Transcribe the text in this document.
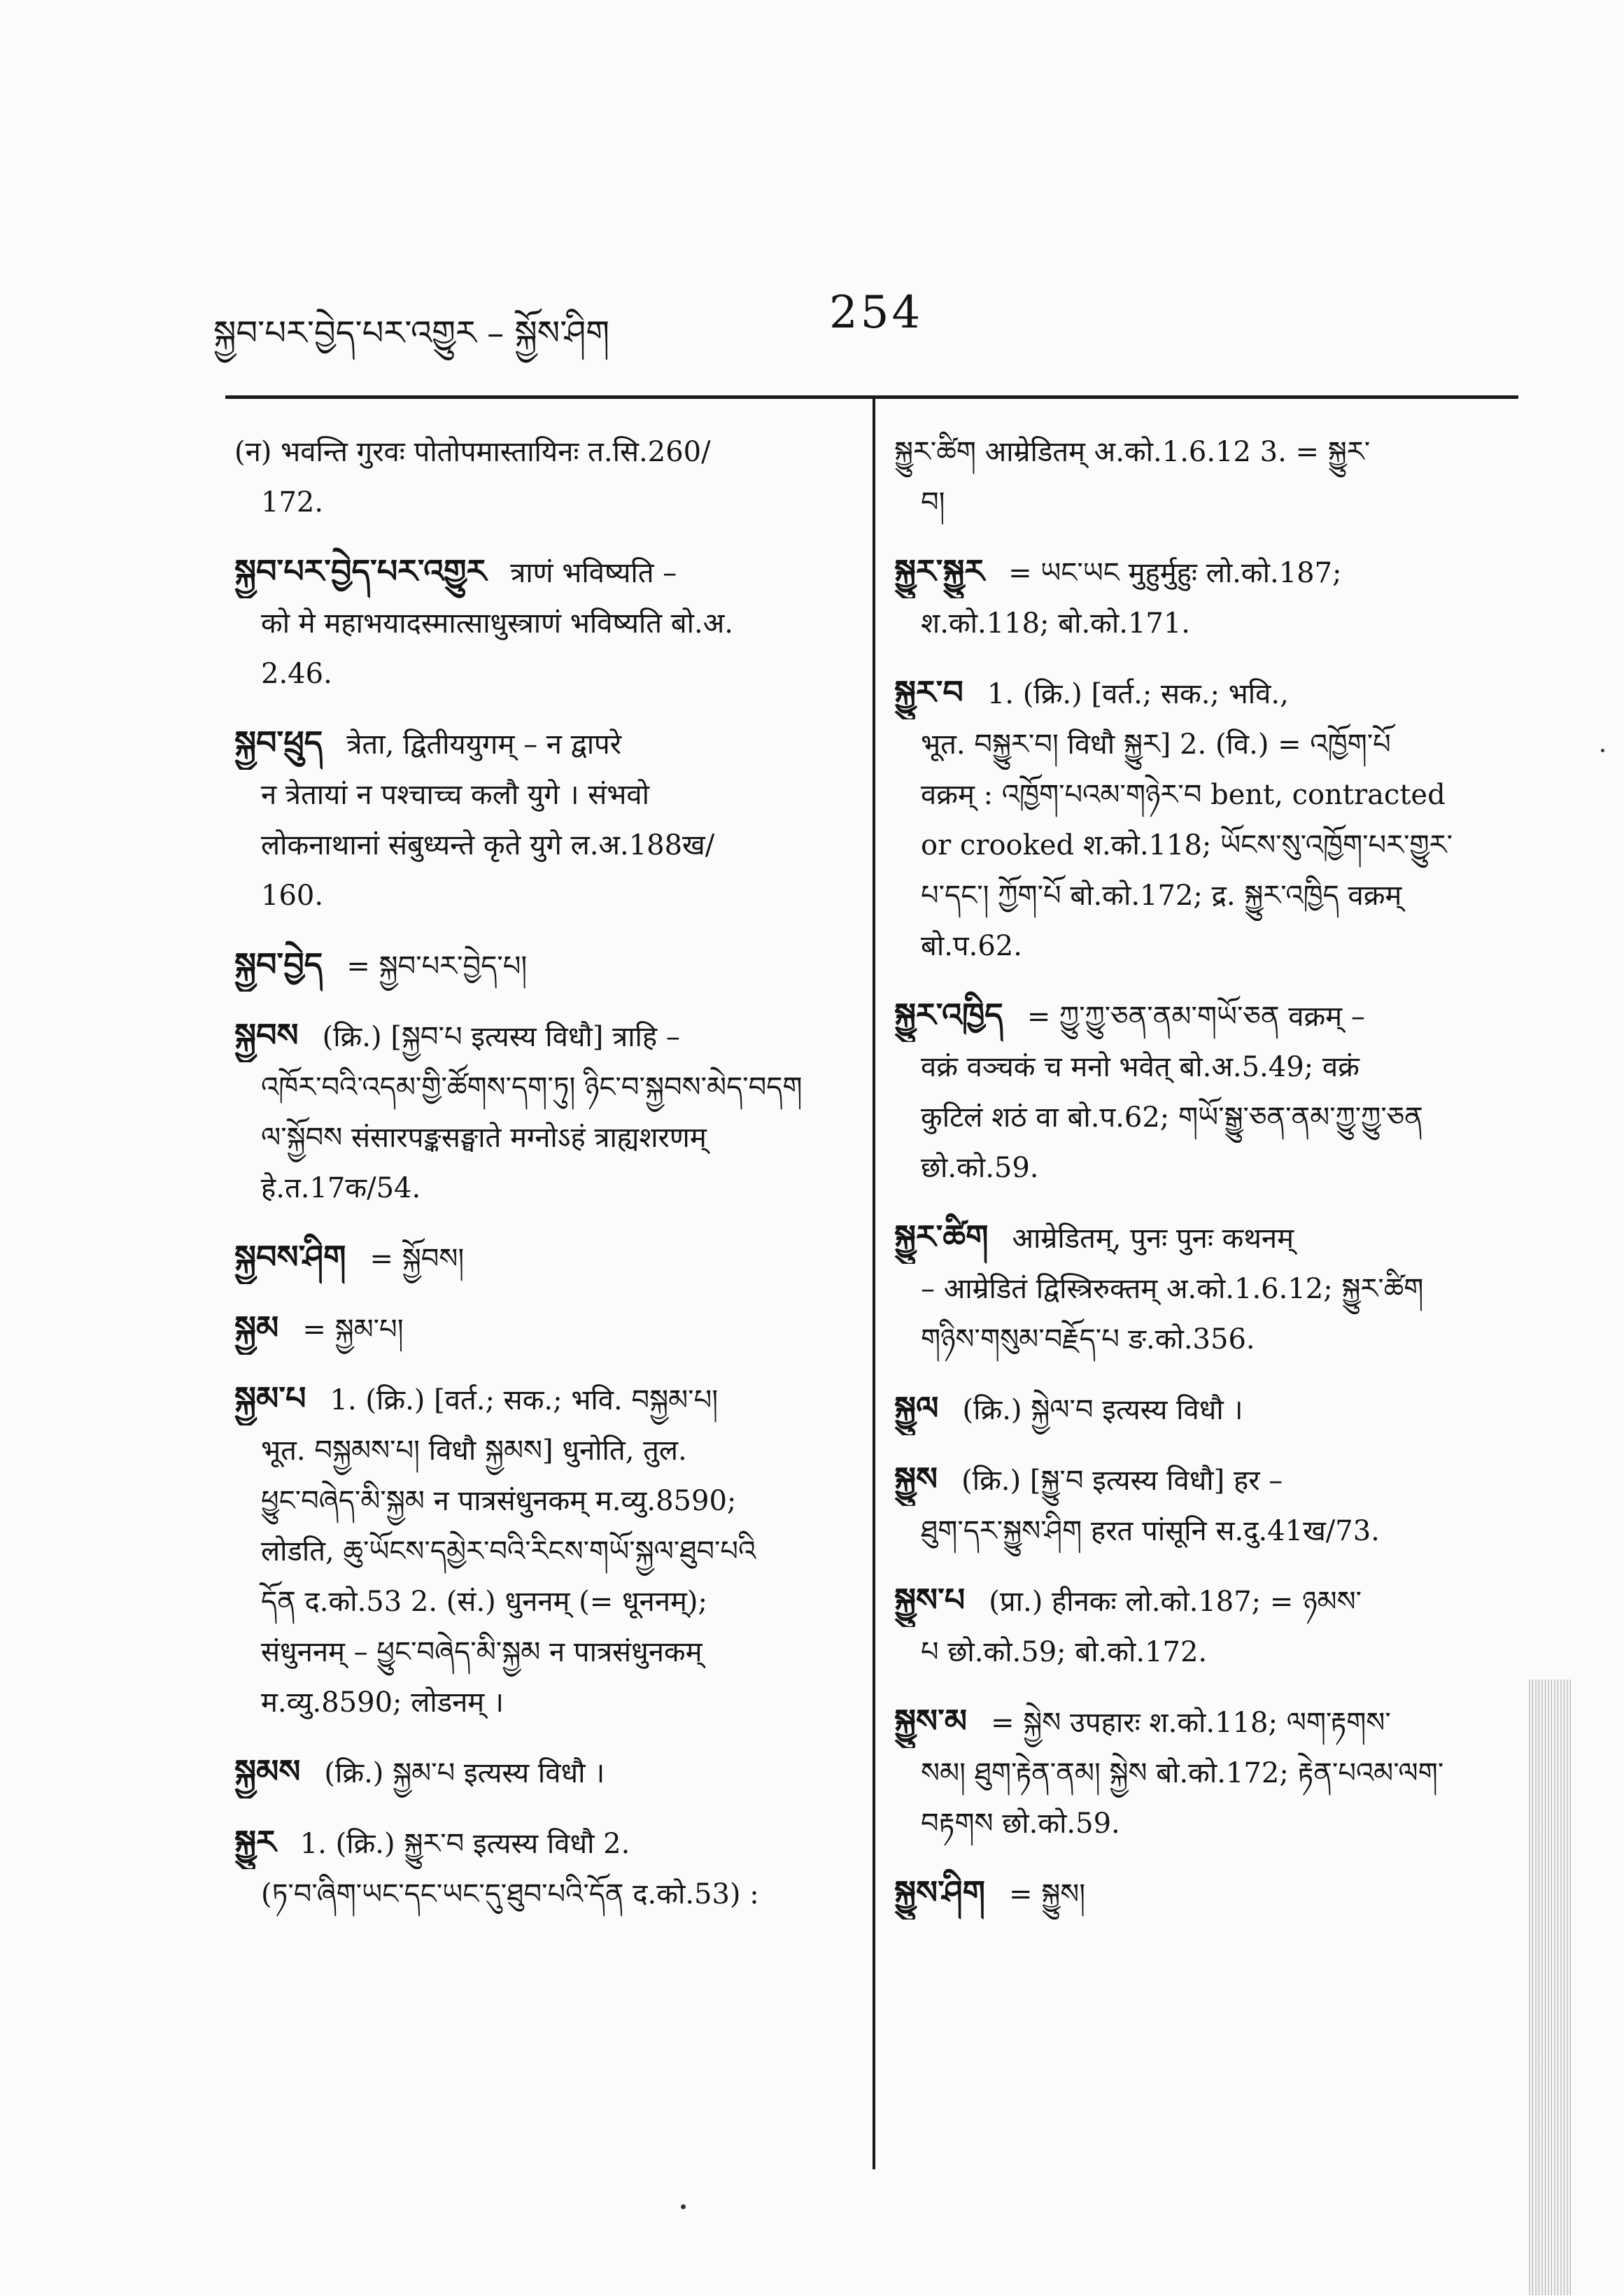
སྐྱབ་པར་བྱེད་པར་འགྱུར – སྐྱོས་ཤིག	254
(न) भवन्ति गुरवः पोतोपमास्तायिनः त.सि.260/
172.
སྐྱབ་པར་བྱེད་པར་འགྱུར त्राणं भविष्यति –
को मे महाभयादस्मात्साधुस्त्राणं भविष्यति बो.अ.
2.46.
སྐྱབ་ཕྲུད त्रेता, द्वितीययुगम् – न द्वापरे
न त्रेतायां न पश्चाच्च कलौ युगे । संभवो
लोकनाथानां संबुध्यन्ते कृते युगे ल.अ.188ख/
160.
སྐྱབ་བྱེད = སྐྱབ་པར་བྱེད་པ།
སྐྱབས (क्रि.) [སྐྱབ་པ इत्यस्य विधौ] त्राहि –
འཁོར་བའི་འདམ་གྱི་ཚོགས་དག་ཏུ། ཉིང་བ་སྐྱབས་མེད་བདག
ལ་སྐྱོབས संसारपङ्कसङ्घाते मग्नोऽहं त्राह्यशरणम्
हे.त.17क/54.
སྐྱབས་ཤིག = སྐྱོབས།
སྐྱམ = སྐྱམ་པ།
སྐྱམ་པ 1. (क्रि.) [वर्त.; सक.; भवि. བསྐྱམ་པ།
भूत. བསྐྱམས་པ། विधौ སྐྱམས] धुनोति, तुल.
ཕྱུང་བཞེད་མི་སྐྱམ न पात्रसंधुनकम् म.व्यु.8590;
लोडति, ཆུ་ཡོངས་དམྱེར་བའི་རིངས་གཡོ་སྐྱལ་ཐུབ་པའི
དོན द.को.53 2. (सं.) धुननम् (= धूननम्);
संधुननम् – ཕྱུང་བཞེད་མི་སྐྱམ न पात्रसंधुनकम्
म.व्यु.8590; लोडनम् ।
སྐྱམས (क्रि.) སྐྱམ་པ इत्यस्य विधौ ।
སྐྱུར 1. (क्रि.) སྐྱུར་བ इत्यस्य विधौ 2.
(ཏ་བ་ཞིག་ཡང་དང་ཡང་དུ་ཐུབ་པའི་དོན द.को.53) :
སྐྱུར་ཚིག आम्रेडितम् अ.को.1.6.12 3. = སྐྱུར་
བ།
སྐྱུར་སྐྱུར = ཡང་ཡང मुहुर्मुहुः लो.को.187;
श.को.118; बो.को.171.
སྐྱུར་བ 1. (क्रि.) [वर्त.; सक.; भवि.,
भूत. བསྐྱུར་བ། विधौ སྐྱུར] 2. (वि.) = འཁྱོག་པོ
वक्रम् : འཁྱོག་པའམ་གཉེར་བ bent, contracted
or crooked श.को.118; ཡོངས་སུ་འཁྱོག་པར་གྱུར་
པ་དང་། ཀྱོག་པོ बो.को.172; द्र. སྐྱུར་འཁྱིད वक्रम्
बो.प.62.
སྐྱུར་འཁྱིད = ཀྱུ་ཀྱུ་ཅན་ནམ་གཡོ་ཅན वक्रम् –
वक्रं वञ्चकं च मनो भवेत् बो.अ.5.49; वक्रं
कुटिलं शठं वा बो.प.62; གཡོ་སྒྱུ་ཅན་ནམ་ཀྱུ་ཀྱུ་ཅན
छो.को.59.
སྐྱུར་ཚིག आम्रेडितम्, पुनः पुनः कथनम्
– आम्रेडितं द्विस्त्रिरुक्तम् अ.को.1.6.12; སྐྱུར་ཚིག
གཉིས་གསུམ་བརྗོད་པ ङ.को.356.
སྐྱུལ (क्रि.) སྐྱེལ་བ इत्यस्य विधौ ।
སྐྱུས (क्रि.) [སྐྱུ་བ इत्यस्य विधौ] हर –
ཐུག་དར་སྐྱུས་ཤིག हरत पांसूनि स.दु.41ख/73.
སྐྱུས་པ (प्रा.) हीनकः लो.को.187; = ཉམས་
པ छो.को.59; बो.को.172.
སྐྱུས་མ = སྐྱེས उपहारः श.को.118; ལག་རྟགས་
སམ། ཐུག་རྟེན་ནམ། སྐྱེས बो.को.172; རྟེན་པའམ་ལག་
བརྟགས छो.को.59.
སྐྱུས་ཤིག = སྐྱུས།
